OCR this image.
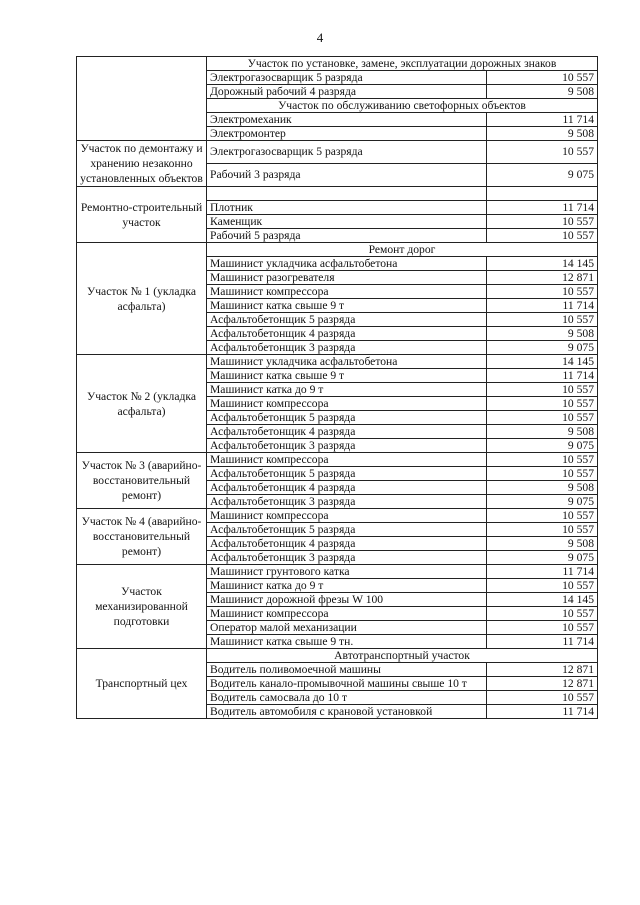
4
	Участок по установке, замене, эксплуатации дорожных знаков	
	Электрогазосварщик 5 разряда	10 557
	Дорожный рабочий 4 разряда	9 508
	Участок по обслуживанию светофорных объектов	
	Электромеханик	11 714
	Электромонтер	9 508
Участок по демонтажу и хранению незаконно установленных объектов	Электрогазосварщик 5 разряда	10 557
	Рабочий 3 разряда	9 075
Ремонтно-строительный участок		
	Плотник	11 714
	Каменщик	10 557
	Рабочий 5 разряда	10 557
Участок № 1 (укладка асфальта)	Ремонт дорог	
	Машинист укладчика асфальтобетона	14 145
	Машинист разогревателя	12 871
	Машинист компрессора	10 557
	Машинист катка свыше 9 т	11 714
	Асфальтобетонщик 5 разряда	10 557
	Асфальтобетонщик 4 разряда	9 508
	Асфальтобетонщик 3 разряда	9 075
Участок № 2 (укладка асфальта)	Машинист укладчика асфальтобетона	14 145
	Машинист катка свыше 9 т	11 714
	Машинист катка до 9 т	10 557
	Машинист компрессора	10 557
	Асфальтобетонщик 5 разряда	10 557
	Асфальтобетонщик 4 разряда	9 508
	Асфальтобетонщик 3 разряда	9 075
Участок № 3 (аварийно-восстановительный ремонт)	Машинист компрессора	10 557
	Асфальтобетонщик 5 разряда	10 557
	Асфальтобетонщик 4 разряда	9 508
	Асфальтобетонщик 3 разряда	9 075
Участок № 4 (аварийно-восстановительный ремонт)	Машинист компрессора	10 557
	Асфальтобетонщик 5 разряда	10 557
	Асфальтобетонщик 4 разряда	9 508
	Асфальтобетонщик 3 разряда	9 075
Участок механизированной подготовки	Машинист грунтового катка	11 714
	Машинист катка до 9 т	10 557
	Машинист дорожной фрезы W 100	14 145
	Машинист компрессора	10 557
	Оператор малой механизации	10 557
	Машинист катка свыше 9 тн.	11 714
Транспортный цех	Автотранспортный участок	
	Водитель поливомоечной машины	12 871
	Водитель канало-промывочной машины свыше 10 т	12 871
	Водитель самосвала до 10 т	10 557
	Водитель автомобиля с крановой установкой	11 714
